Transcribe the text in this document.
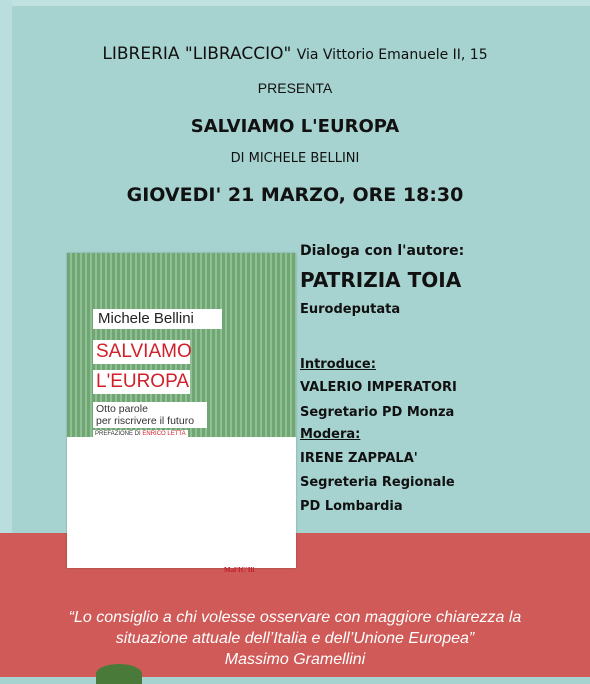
LIBRERIA "LIBRACCIO" Via Vittorio Emanuele II, 15
PRESENTA
SALVIAMO L'EUROPA
DI MICHELE BELLINI
GIOVEDI' 21 MARZO, ORE 18:30
Michele Bellini
SALVIAMO
L'EUROPA
Otto parole
per riscrivere il futuro
PREFAZIONE DI ENRICO LETTA
Mal'IC'Ili
Dialoga con l'autore:
PATRIZIA TOIA
Eurodeputata
Introduce:
VALERIO IMPERATORI
Segretario PD Monza
Modera:
IRENE ZAPPALA'
Segreteria Regionale
PD Lombardia
“Lo consiglio a chi volesse osservare con maggiore chiarezza la
situazione attuale dell’Italia e dell’Unione Europea”
Massimo Gramellini
